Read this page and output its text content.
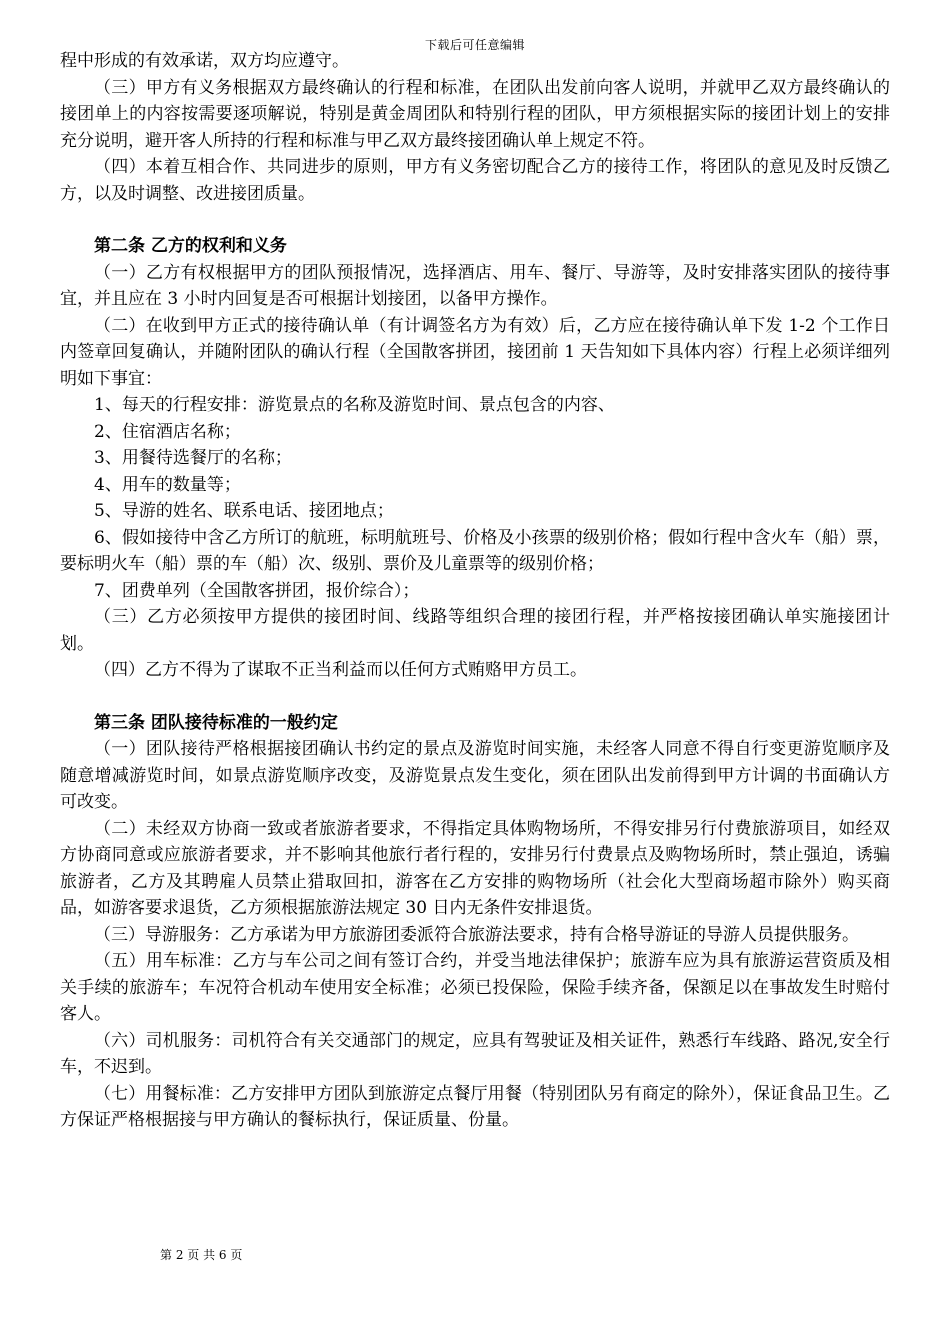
下载后可任意编辑

程中形成的有效承诺，双方均应遵守。

（三）甲方有义务根据双方最终确认的行程和标准，在团队出发前向客人说明，并就甲乙双方最终确认的接团单上的内容按需要逐项解说，特别是黄金周团队和特别行程的团队，甲方须根据实际的接团计划上的安排充分说明，避开客人所持的行程和标准与甲乙双方最终接团确认单上规定不符。

（四）本着互相合作、共同进步的原则，甲方有义务密切配合乙方的接待工作，将团队的意见及时反馈乙方，以及时调整、改进接团质量。

第二条 乙方的权利和义务

（一）乙方有权根据甲方的团队预报情况，选择酒店、用车、餐厅、导游等，及时安排落实团队的接待事宜，并且应在 3 小时内回复是否可根据计划接团，以备甲方操作。

（二）在收到甲方正式的接待确认单（有计调签名方为有效）后，乙方应在接待确认单下发 1-2 个工作日内签章回复确认，并随附团队的确认行程（全国散客拼团，接团前 1 天告知如下具体内容）行程上必须详细列明如下事宜：

1、每天的行程安排：游览景点的名称及游览时间、景点包含的内容、

2、住宿酒店名称；

3、用餐待选餐厅的名称；

4、用车的数量等；

5、导游的姓名、联系电话、接团地点；

6、假如接待中含乙方所订的航班，标明航班号、价格及小孩票的级别价格；假如行程中含火车（船）票，要标明火车（船）票的车（船）次、级别、票价及儿童票等的级别价格；

7、团费单列（全国散客拼团，报价综合）；

（三）乙方必须按甲方提供的接团时间、线路等组织合理的接团行程，并严格按接团确认单实施接团计划。

（四）乙方不得为了谋取不正当利益而以任何方式贿赂甲方员工。

第三条 团队接待标准的一般约定

（一）团队接待严格根据接团确认书约定的景点及游览时间实施，未经客人同意不得自行变更游览顺序及随意增减游览时间，如景点游览顺序改变，及游览景点发生变化，须在团队出发前得到甲方计调的书面确认方可改变。

（二）未经双方协商一致或者旅游者要求，不得指定具体购物场所，不得安排另行付费旅游项目，如经双方协商同意或应旅游者要求，并不影响其他旅行者行程的，安排另行付费景点及购物场所时，禁止强迫，诱骗旅游者，乙方及其聘雇人员禁止猎取回扣，游客在乙方安排的购物场所（社会化大型商场超市除外）购买商品，如游客要求退货，乙方须根据旅游法规定 30 日内无条件安排退货。

（三）导游服务：乙方承诺为甲方旅游团委派符合旅游法要求，持有合格导游证的导游人员提供服务。

（五）用车标准：乙方与车公司之间有签订合约，并受当地法律保护；旅游车应为具有旅游运营资质及相关手续的旅游车；车况符合机动车使用安全标准；必须已投保险，保险手续齐备，保额足以在事故发生时赔付客人。

（六）司机服务：司机符合有关交通部门的规定，应具有驾驶证及相关证件，熟悉行车线路、路况,安全行车，不迟到。

（七）用餐标准：乙方安排甲方团队到旅游定点餐厅用餐（特别团队另有商定的除外），保证食品卫生。乙方保证严格根据接与甲方确认的餐标执行，保证质量、份量。

第 2 页 共 6 页
